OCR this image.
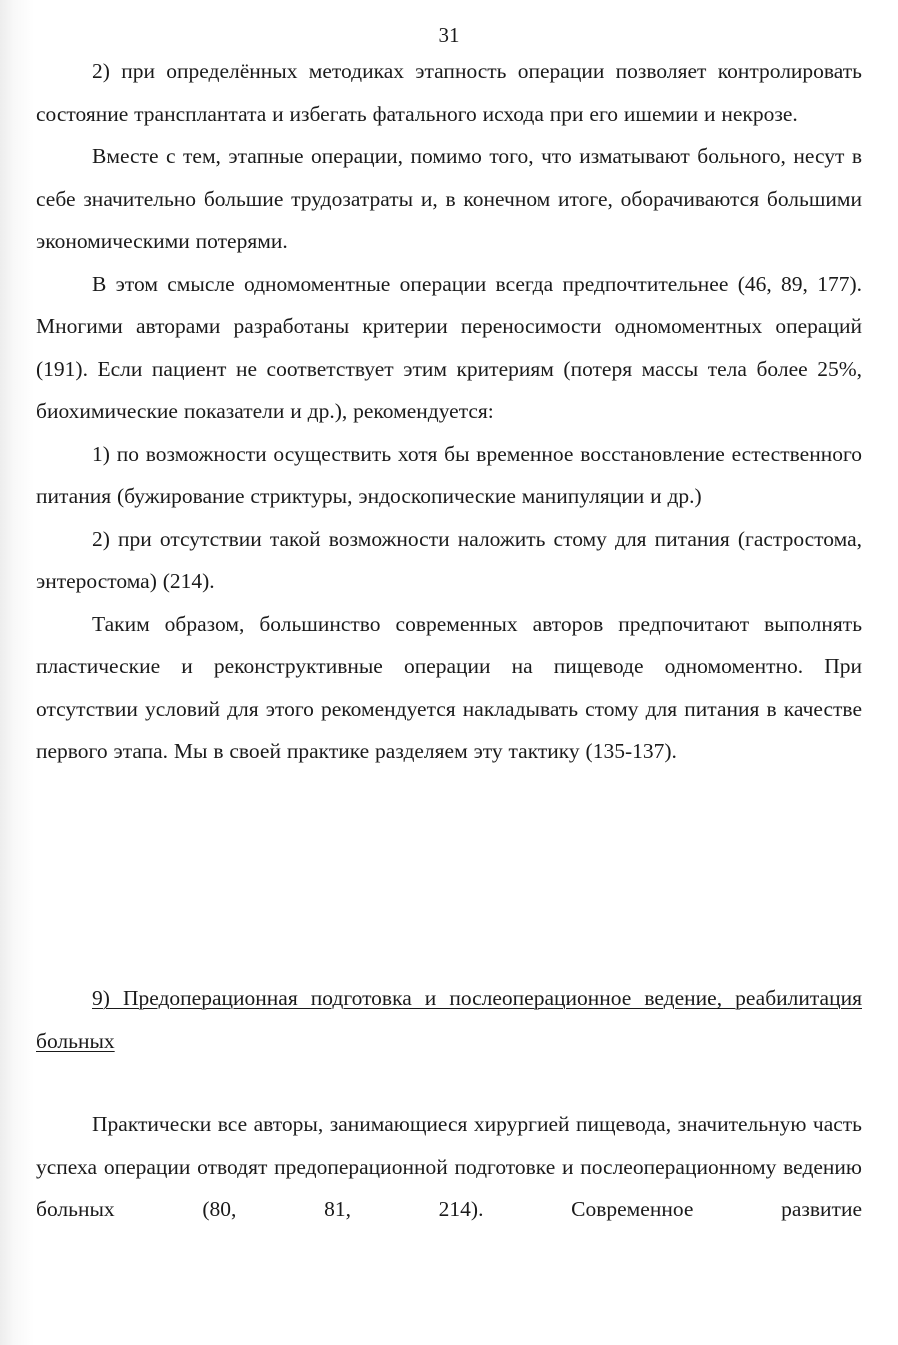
31

2) при определённых методиках этапность операции позволяет контролировать состояние трансплантата и избегать фатального исхода при его ишемии и некрозе.

Вместе с тем, этапные операции, помимо того, что изматывают больного, несут в себе значительно большие трудозатраты и, в конечном итоге, оборачиваются большими экономическими потерями.

В этом смысле одномоментные операции всегда предпочтительнее (46, 89, 177). Многими авторами разработаны критерии переносимости одномоментных операций (191). Если пациент не соответствует этим критериям (потеря массы тела более 25%, биохимические показатели и др.), рекомендуется:

1) по возможности осуществить хотя бы временное восстановление естественного питания (бужирование стриктуры, эндоскопические манипуляции и др.)

2) при отсутствии такой возможности наложить стому для питания (гастростома, энтеростома) (214).

Таким образом, большинство современных авторов предпочитают выполнять пластические и реконструктивные операции на пищеводе одномоментно. При отсутствии условий для этого рекомендуется накладывать стому для питания в качестве первого этапа. Мы в своей практике разделяем эту тактику (135-137).

9) Предоперационная подготовка и послеоперационное ведение, реабилитация больных

Практически все авторы, занимающиеся хирургией пищевода, значительную часть успеха операции отводят предоперационной подготовке и послеоперационному ведению больных (80, 81, 214). Современное развитие
